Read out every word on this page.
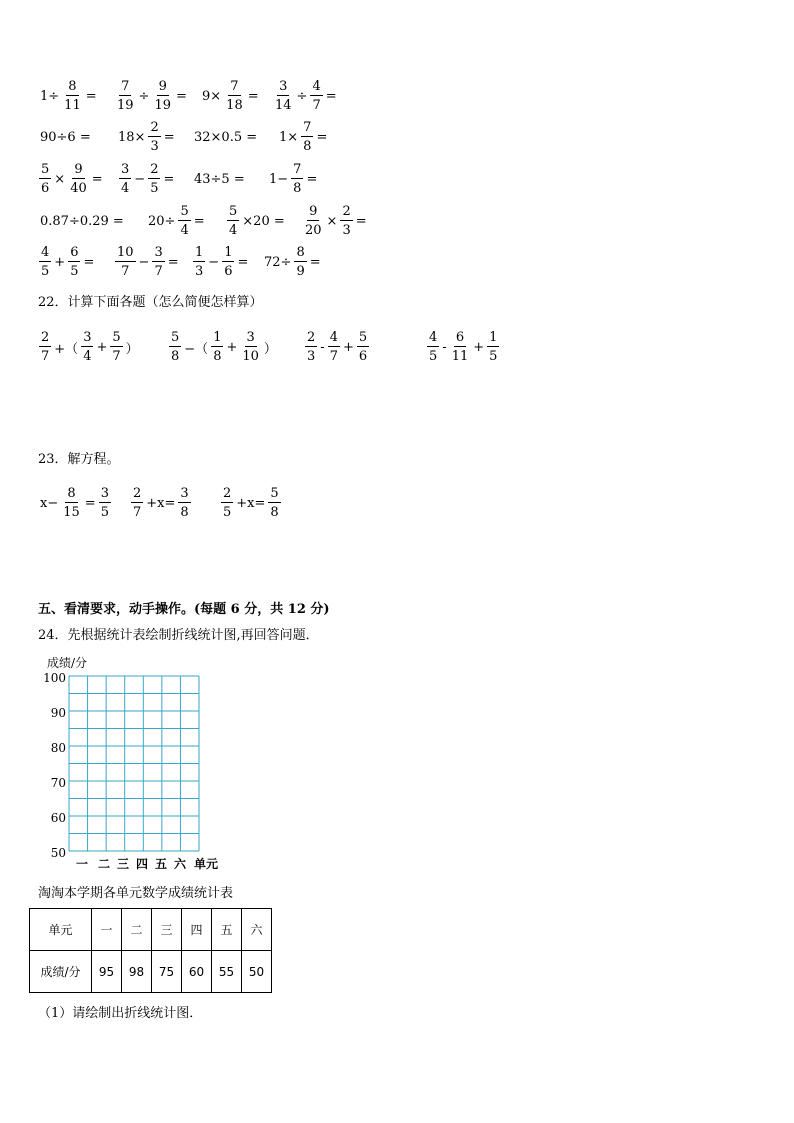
$1\div \frac{8}{11} = \frac{7}{19} \div \frac{9}{19} = 9\times \frac{7}{18} = \frac{3}{14} \div \frac{4}{7}$ =
$90\div 6 = 18\times \frac{2}{3} = 32\times 0.5 = 1\times \frac{7}{8}$ =
$\frac{5}{6} \times \frac{9}{40} = \frac{3}{4} - \frac{2}{5} = 43\div 5 = 1- \frac{7}{8}$ =
$0.87\div 0.29 = 20\div \frac{5}{4} = \frac{5}{4} \times 20 = \frac{9}{20} \times \frac{2}{3}$ =
$\frac{4}{5} + \frac{6}{5} = \frac{10}{7} - \frac{3}{7} = \frac{1}{3} - \frac{1}{6} = 72\div \frac{8}{9}$ =
22．计算下面各题（怎么简便怎样算）
$\frac{2}{7}$ +（ $\frac{3}{4} + \frac{5}{7}$ ） $\frac{5}{8}$ −（ $\frac{1}{8} + \frac{3}{10}$ ） $\frac{2}{3} - \frac{4}{7} + \frac{5}{6}$	$\frac{4}{5} - \frac{6}{11} + \frac{1}{5}$
23．解方程。
$x- \frac{8}{15} = \frac{3}{5} \frac{2}{7} +x= \frac{3}{8} \frac{2}{5} +x= \frac{5}{8}$
五、看清要求，动手操作。(每题 6 分，共 12 分)
24．先根据统计表绘制折线统计图,再回答问题．
成绩/分
100
90
80
70
60
50
一 二 三 四 五 六 单元
淘淘本学期各单元数学成绩统计表
单元	一	二	三	四	五	六
成绩/分	95	98	75	60	55	50
（1）请绘制出折线统计图．
